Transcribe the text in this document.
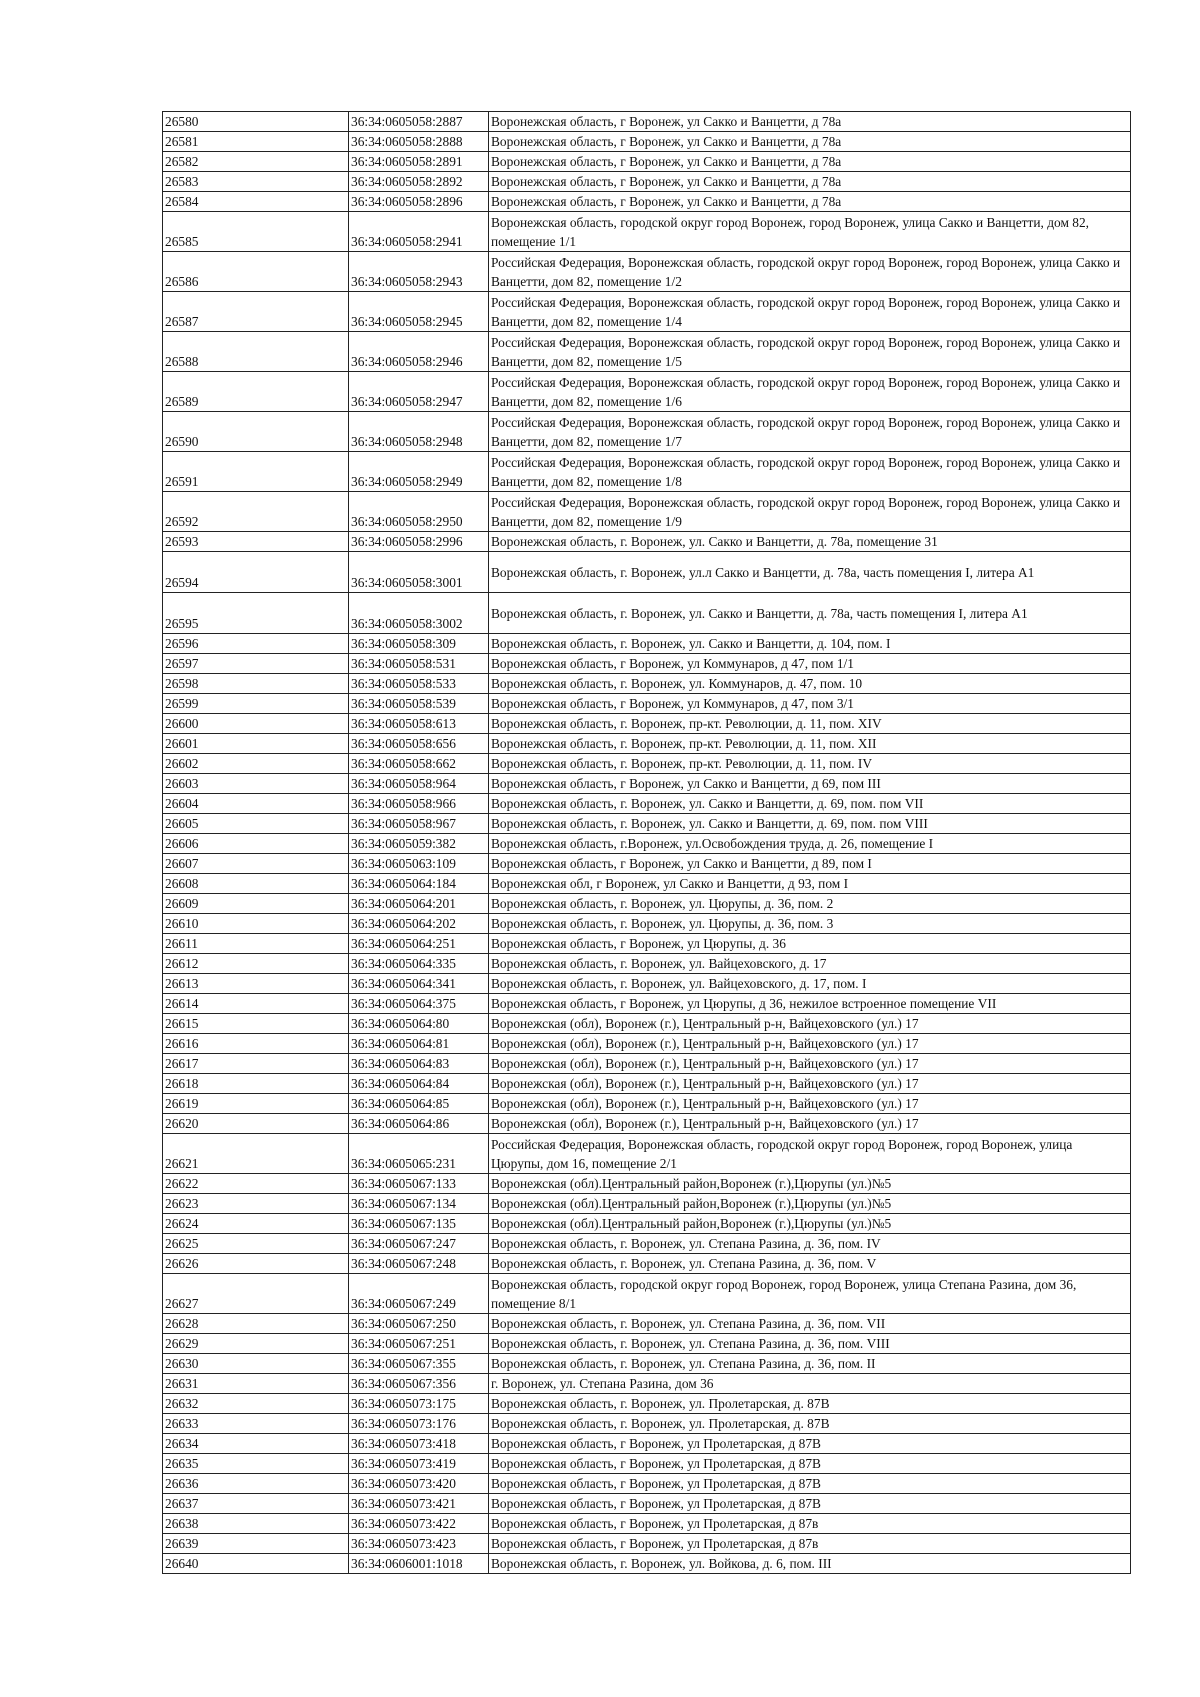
26580	36:34:0605058:2887	Воронежская область, г Воронеж, ул Сакко и Ванцетти, д 78а
26581	36:34:0605058:2888	Воронежская область, г Воронеж, ул Сакко и Ванцетти, д 78а
26582	36:34:0605058:2891	Воронежская область, г Воронеж, ул Сакко и Ванцетти, д 78а
26583	36:34:0605058:2892	Воронежская область, г Воронеж, ул Сакко и Ванцетти, д 78а
26584	36:34:0605058:2896	Воронежская область, г Воронеж, ул Сакко и Ванцетти, д 78а
26585	36:34:0605058:2941	Воронежская область, городской округ город Воронеж, город Воронеж, улица Сакко и Ванцетти, дом 82, помещение 1/1
26586	36:34:0605058:2943	Российская Федерация, Воронежская область, городской округ город Воронеж, город Воронеж, улица Сакко и Ванцетти, дом 82, помещение 1/2
26587	36:34:0605058:2945	Российская Федерация, Воронежская область, городской округ город Воронеж, город Воронеж, улица Сакко и Ванцетти, дом 82, помещение 1/4
26588	36:34:0605058:2946	Российская Федерация, Воронежская область, городской округ город Воронеж, город Воронеж, улица Сакко и Ванцетти, дом 82, помещение 1/5
26589	36:34:0605058:2947	Российская Федерация, Воронежская область, городской округ город Воронеж, город Воронеж, улица Сакко и Ванцетти, дом 82, помещение 1/6
26590	36:34:0605058:2948	Российская Федерация, Воронежская область, городской округ город Воронеж, город Воронеж, улица Сакко и Ванцетти, дом 82, помещение 1/7
26591	36:34:0605058:2949	Российская Федерация, Воронежская область, городской округ город Воронеж, город Воронеж, улица Сакко и Ванцетти, дом 82, помещение 1/8
26592	36:34:0605058:2950	Российская Федерация, Воронежская область, городской округ город Воронеж, город Воронеж, улица Сакко и Ванцетти, дом 82, помещение 1/9
26593	36:34:0605058:2996	Воронежская область, г. Воронеж, ул. Сакко и Ванцетти, д. 78а, помещение 31
26594	36:34:0605058:3001	Воронежская область, г. Воронеж, ул.л Сакко и Ванцетти, д. 78а, часть помещения I, литера А1
26595	36:34:0605058:3002	Воронежская область, г. Воронеж, ул. Сакко и Ванцетти, д. 78а, часть помещения I, литера А1
26596	36:34:0605058:309	Воронежская область, г. Воронеж, ул. Сакко и Ванцетти, д. 104, пом. I
26597	36:34:0605058:531	Воронежская область, г Воронеж, ул Коммунаров, д 47, пом 1/1
26598	36:34:0605058:533	Воронежская область, г. Воронеж, ул. Коммунаров, д. 47, пом. 10
26599	36:34:0605058:539	Воронежская область, г Воронеж, ул Коммунаров, д 47, пом 3/1
26600	36:34:0605058:613	Воронежская область, г. Воронеж, пр-кт. Революции, д. 11, пом. XIV
26601	36:34:0605058:656	Воронежская область, г. Воронеж, пр-кт. Революции, д. 11, пом. XII
26602	36:34:0605058:662	Воронежская область, г. Воронеж, пр-кт. Революции, д. 11, пом. IV
26603	36:34:0605058:964	Воронежская область, г Воронеж, ул Сакко и Ванцетти, д 69, пом III
26604	36:34:0605058:966	Воронежская область, г. Воронеж, ул. Сакко и Ванцетти, д. 69, пом. пом VII
26605	36:34:0605058:967	Воронежская область, г. Воронеж, ул. Сакко и Ванцетти, д. 69, пом. пом VIII
26606	36:34:0605059:382	Воронежская область, г.Воронеж, ул.Освобождения труда, д. 26, помещение I
26607	36:34:0605063:109	Воронежская область, г Воронеж, ул Сакко и Ванцетти, д 89, пом I
26608	36:34:0605064:184	Воронежская обл, г Воронеж, ул Сакко и Ванцетти, д 93, пом I
26609	36:34:0605064:201	Воронежская область, г. Воронеж, ул. Цюрупы, д. 36, пом. 2
26610	36:34:0605064:202	Воронежская область, г. Воронеж, ул. Цюрупы, д. 36, пом. 3
26611	36:34:0605064:251	Воронежская область, г Воронеж, ул Цюрупы, д. 36
26612	36:34:0605064:335	Воронежская область, г. Воронеж, ул. Вайцеховского, д. 17
26613	36:34:0605064:341	Воронежская область, г. Воронеж, ул. Вайцеховского, д. 17, пом. I
26614	36:34:0605064:375	Воронежская область, г Воронеж, ул Цюрупы, д 36, нежилое встроенное помещение VII
26615	36:34:0605064:80	Воронежская (обл), Воронеж (г.), Центральный р-н, Вайцеховского (ул.) 17
26616	36:34:0605064:81	Воронежская (обл), Воронеж (г.), Центральный р-н, Вайцеховского (ул.) 17
26617	36:34:0605064:83	Воронежская (обл), Воронеж (г.), Центральный р-н, Вайцеховского (ул.) 17
26618	36:34:0605064:84	Воронежская (обл), Воронеж (г.), Центральный р-н, Вайцеховского (ул.) 17
26619	36:34:0605064:85	Воронежская (обл), Воронеж (г.), Центральный р-н, Вайцеховского (ул.) 17
26620	36:34:0605064:86	Воронежская (обл), Воронеж (г.), Центральный р-н, Вайцеховского (ул.) 17
26621	36:34:0605065:231	Российская Федерация, Воронежская область, городской округ город Воронеж, город Воронеж, улица Цюрупы, дом 16, помещение 2/1
26622	36:34:0605067:133	Воронежская (обл).Центральный район,Воронеж (г.),Цюрупы (ул.)№5
26623	36:34:0605067:134	Воронежская (обл).Центральный район,Воронеж (г.),Цюрупы (ул.)№5
26624	36:34:0605067:135	Воронежская (обл).Центральный район,Воронеж (г.),Цюрупы (ул.)№5
26625	36:34:0605067:247	Воронежская область, г. Воронеж, ул. Степана Разина, д. 36, пом. IV
26626	36:34:0605067:248	Воронежская область, г. Воронеж, ул. Степана Разина, д. 36, пом. V
26627	36:34:0605067:249	Воронежская область, городской округ город Воронеж, город Воронеж, улица Степана Разина, дом 36, помещение 8/1
26628	36:34:0605067:250	Воронежская область, г. Воронеж, ул. Степана Разина, д. 36, пом. VII
26629	36:34:0605067:251	Воронежская область, г. Воронеж, ул. Степана Разина, д. 36, пом. VIII
26630	36:34:0605067:355	Воронежская область, г. Воронеж, ул. Степана Разина, д. 36, пом. II
26631	36:34:0605067:356	г. Воронеж, ул. Степана Разина, дом 36
26632	36:34:0605073:175	Воронежская область, г. Воронеж, ул. Пролетарская, д. 87В
26633	36:34:0605073:176	Воронежская область, г. Воронеж, ул. Пролетарская, д. 87В
26634	36:34:0605073:418	Воронежская область, г Воронеж, ул Пролетарская, д 87В
26635	36:34:0605073:419	Воронежская область, г Воронеж, ул Пролетарская, д 87В
26636	36:34:0605073:420	Воронежская область, г Воронеж, ул Пролетарская, д 87В
26637	36:34:0605073:421	Воронежская область, г Воронеж, ул Пролетарская, д 87В
26638	36:34:0605073:422	Воронежская область, г Воронеж, ул Пролетарская, д 87в
26639	36:34:0605073:423	Воронежская область, г Воронеж, ул Пролетарская, д 87в
26640	36:34:0606001:1018	Воронежская область, г. Воронеж, ул. Войкова, д. 6, пом. III
